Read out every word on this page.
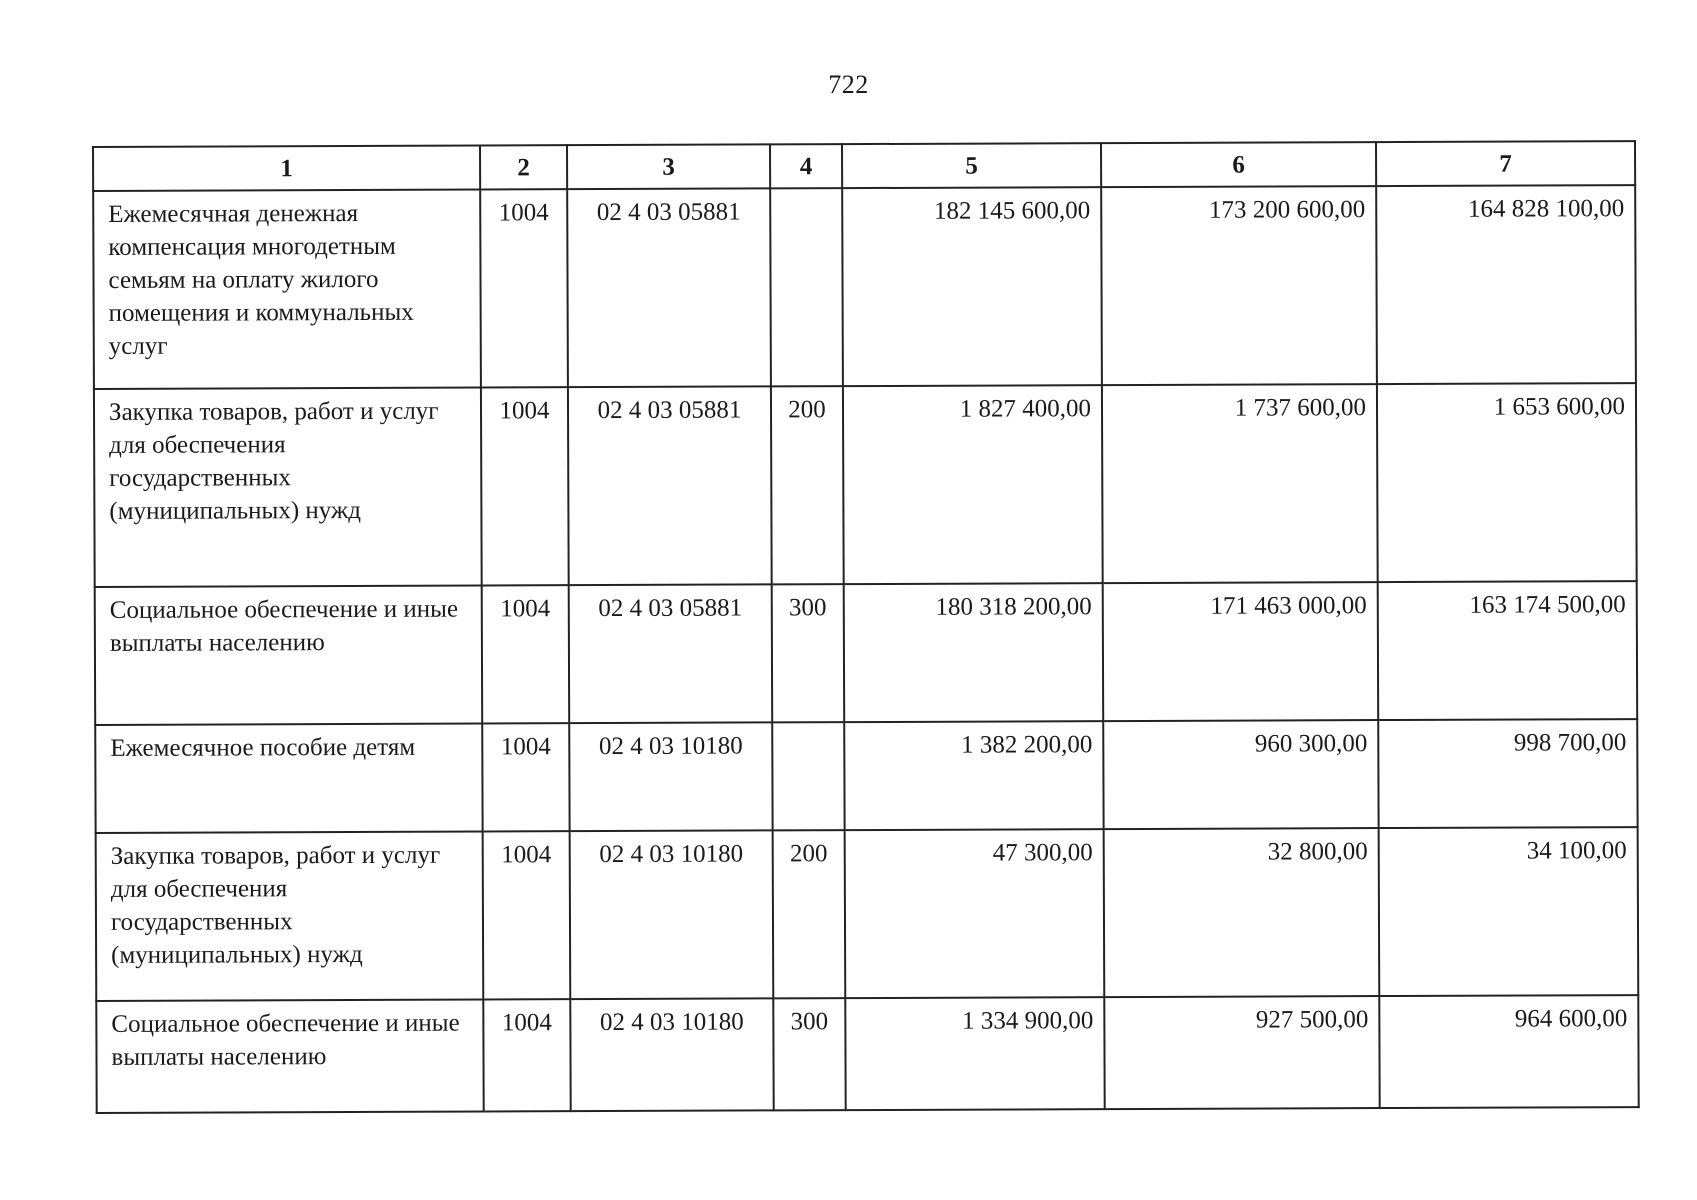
722
1	2	3	4	5	6	7
Ежемесячная денежная компенсация многодетным семьям на оплату жилого помещения и коммунальных услуг	1004	02 4 03 05881		182 145 600,00	173 200 600,00	164 828 100,00
Закупка товаров, работ и услуг для обеспечения государственных (муниципальных) нужд	1004	02 4 03 05881	200	1 827 400,00	1 737 600,00	1 653 600,00
Социальное обеспечение и иные выплаты населению	1004	02 4 03 05881	300	180 318 200,00	171 463 000,00	163 174 500,00
Ежемесячное пособие детям	1004	02 4 03 10180		1 382 200,00	960 300,00	998 700,00
Закупка товаров, работ и услуг для обеспечения государственных (муниципальных) нужд	1004	02 4 03 10180	200	47 300,00	32 800,00	34 100,00
Социальное обеспечение и иные выплаты населению	1004	02 4 03 10180	300	1 334 900,00	927 500,00	964 600,00
